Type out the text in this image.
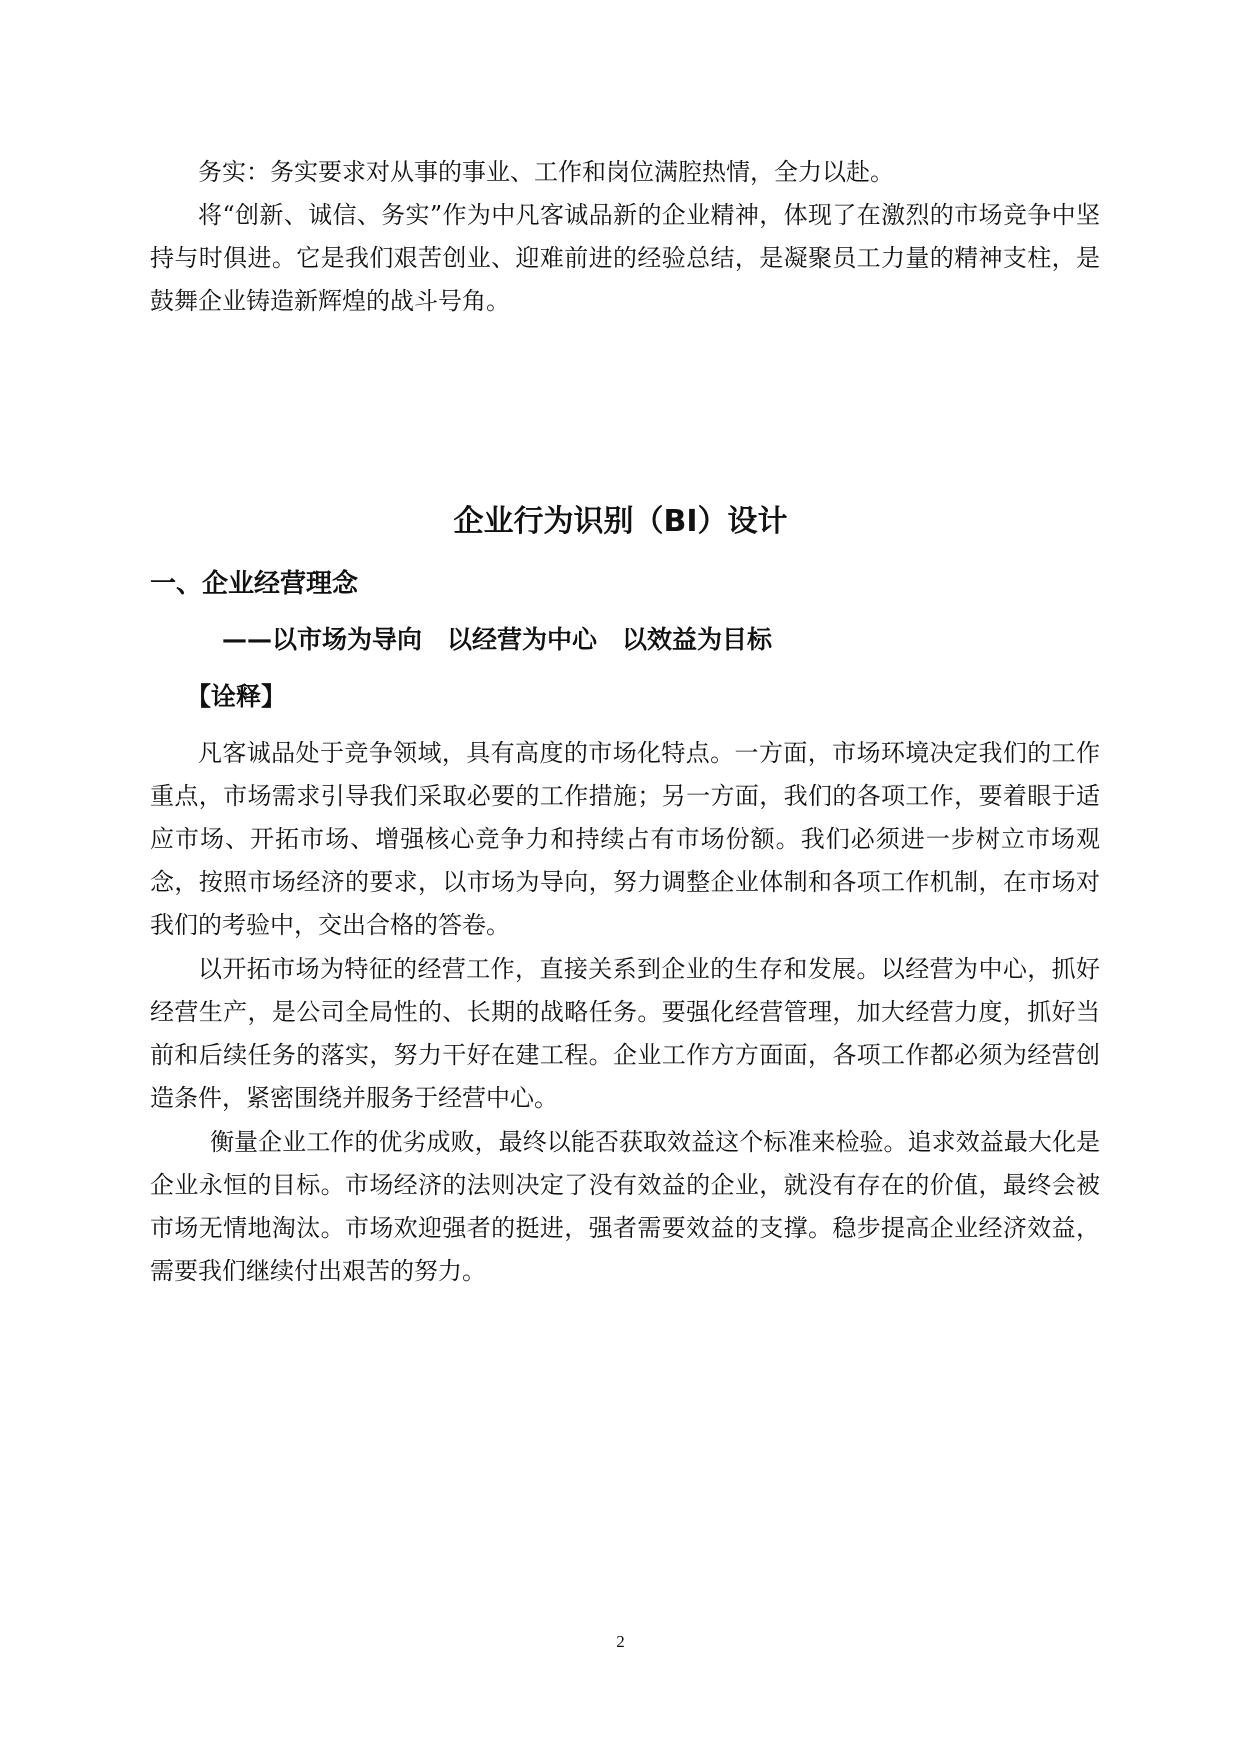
务实：务实要求对从事的事业、工作和岗位满腔热情，全力以赴。

将“创新、诚信、务实”作为中凡客诚品新的企业精神，体现了在激烈的市场竞争中坚持与时俱进。它是我们艰苦创业、迎难前进的经验总结，是凝聚员工力量的精神支柱，是鼓舞企业铸造新辉煌的战斗号角。

企业行为识别（BI）设计
一、企业经营理念
——以市场为导向　以经营为中心　以效益为目标
【诠释】

凡客诚品处于竞争领域，具有高度的市场化特点。一方面，市场环境决定我们的工作重点，市场需求引导我们采取必要的工作措施；另一方面，我们的各项工作，要着眼于适应市场、开拓市场、增强核心竞争力和持续占有市场份额。我们必须进一步树立市场观念，按照市场经济的要求，以市场为导向，努力调整企业体制和各项工作机制，在市场对我们的考验中，交出合格的答卷。

以开拓市场为特征的经营工作，直接关系到企业的生存和发展。以经营为中心，抓好经营生产，是公司全局性的、长期的战略任务。要强化经营管理，加大经营力度，抓好当前和后续任务的落实，努力干好在建工程。企业工作方方面面，各项工作都必须为经营创造条件，紧密围绕并服务于经营中心。

衡量企业工作的优劣成败，最终以能否获取效益这个标准来检验。追求效益最大化是企业永恒的目标。市场经济的法则决定了没有效益的企业，就没有存在的价值，最终会被市场无情地淘汰。市场欢迎强者的挺进，强者需要效益的支撑。稳步提高企业经济效益，需要我们继续付出艰苦的努力。

2
